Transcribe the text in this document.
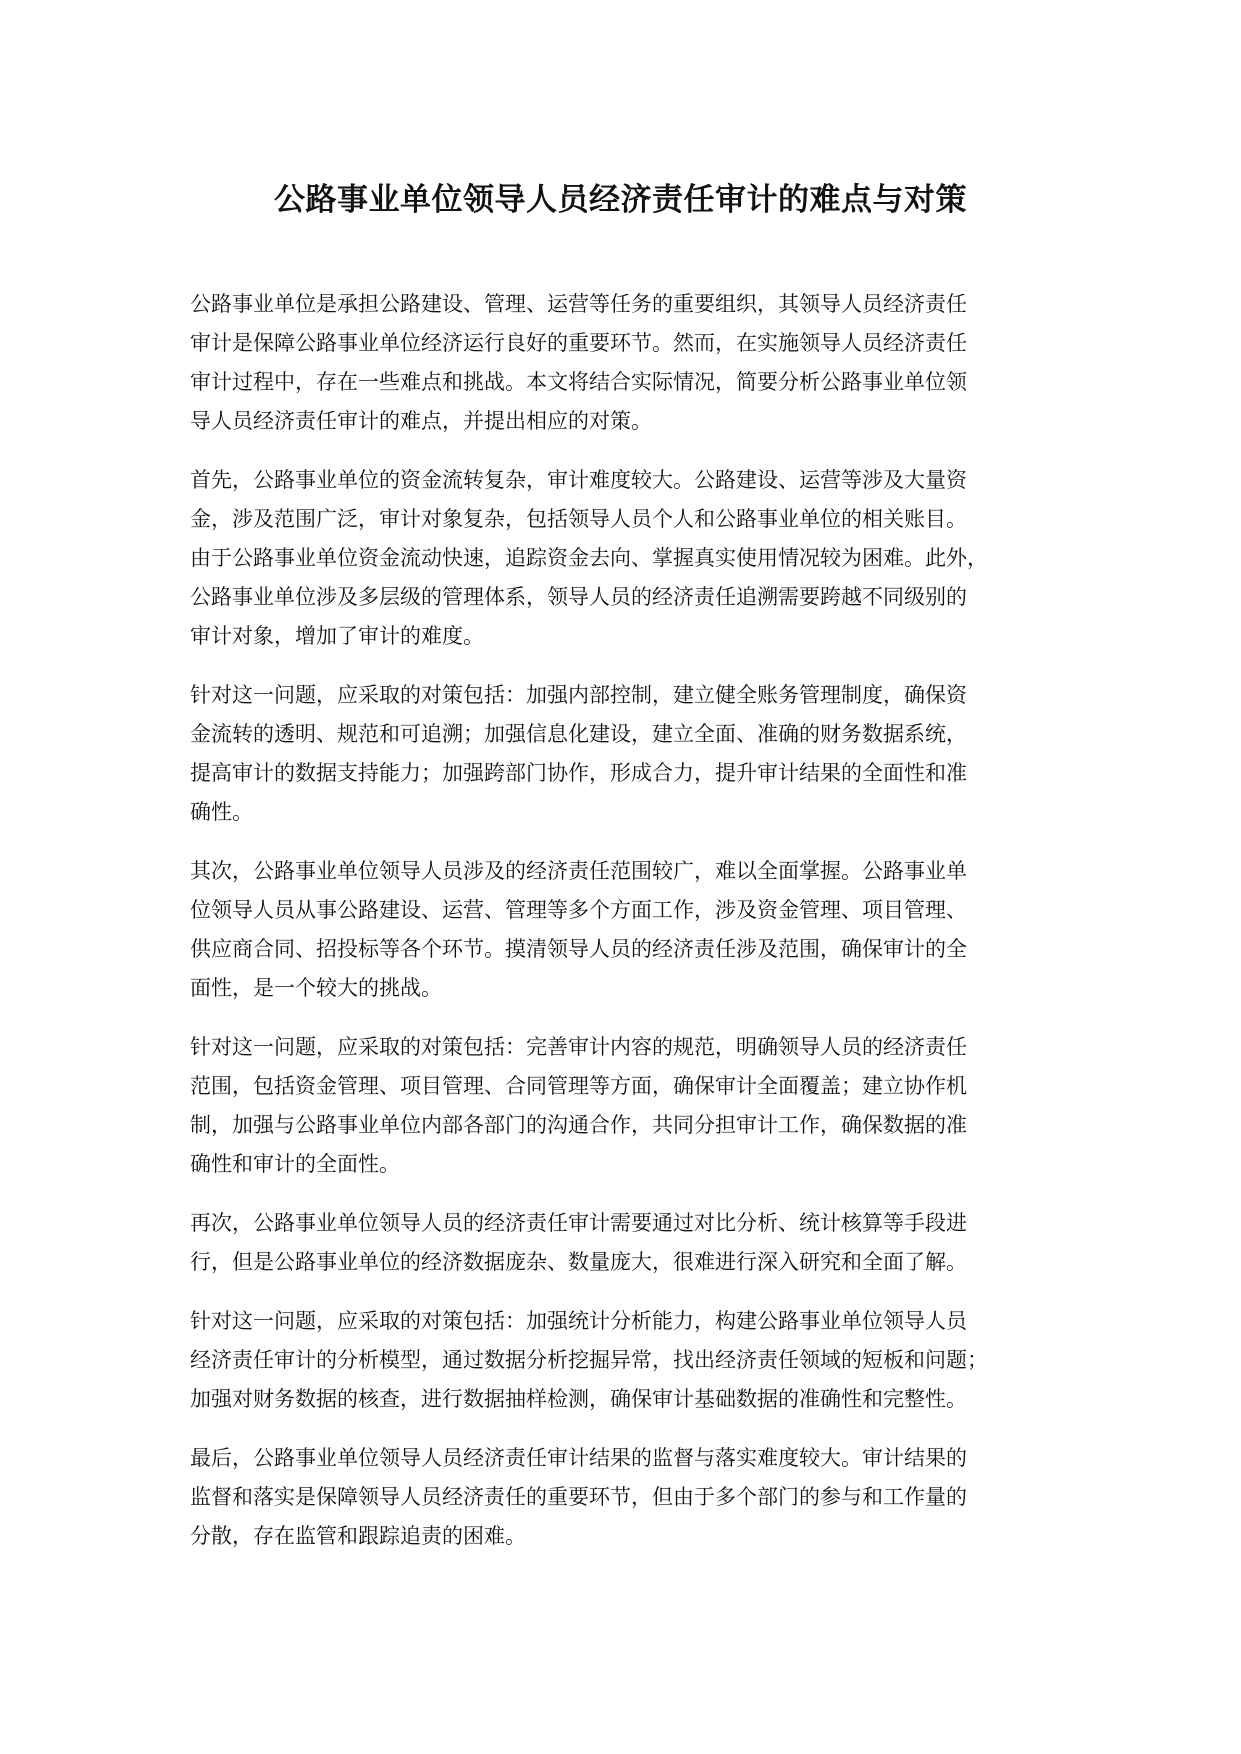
公路事业单位领导人员经济责任审计的难点与对策

公路事业单位是承担公路建设、管理、运营等任务的重要组织，其领导人员经济责任
审计是保障公路事业单位经济运行良好的重要环节。然而，在实施领导人员经济责任
审计过程中，存在一些难点和挑战。本文将结合实际情况，简要分析公路事业单位领
导人员经济责任审计的难点，并提出相应的对策。

首先，公路事业单位的资金流转复杂，审计难度较大。公路建设、运营等涉及大量资
金，涉及范围广泛，审计对象复杂，包括领导人员个人和公路事业单位的相关账目。
由于公路事业单位资金流动快速，追踪资金去向、掌握真实使用情况较为困难。此外，
公路事业单位涉及多层级的管理体系，领导人员的经济责任追溯需要跨越不同级别的
审计对象，增加了审计的难度。

针对这一问题，应采取的对策包括：加强内部控制，建立健全账务管理制度，确保资
金流转的透明、规范和可追溯；加强信息化建设，建立全面、准确的财务数据系统，
提高审计的数据支持能力；加强跨部门协作，形成合力，提升审计结果的全面性和准
确性。

其次，公路事业单位领导人员涉及的经济责任范围较广，难以全面掌握。公路事业单
位领导人员从事公路建设、运营、管理等多个方面工作，涉及资金管理、项目管理、
供应商合同、招投标等各个环节。摸清领导人员的经济责任涉及范围，确保审计的全
面性，是一个较大的挑战。

针对这一问题，应采取的对策包括：完善审计内容的规范，明确领导人员的经济责任
范围，包括资金管理、项目管理、合同管理等方面，确保审计全面覆盖；建立协作机
制，加强与公路事业单位内部各部门的沟通合作，共同分担审计工作，确保数据的准
确性和审计的全面性。

再次，公路事业单位领导人员的经济责任审计需要通过对比分析、统计核算等手段进
行，但是公路事业单位的经济数据庞杂、数量庞大，很难进行深入研究和全面了解。

针对这一问题，应采取的对策包括：加强统计分析能力，构建公路事业单位领导人员
经济责任审计的分析模型，通过数据分析挖掘异常，找出经济责任领域的短板和问题；
加强对财务数据的核查，进行数据抽样检测，确保审计基础数据的准确性和完整性。

最后，公路事业单位领导人员经济责任审计结果的监督与落实难度较大。审计结果的
监督和落实是保障领导人员经济责任的重要环节，但由于多个部门的参与和工作量的
分散，存在监管和跟踪追责的困难。
